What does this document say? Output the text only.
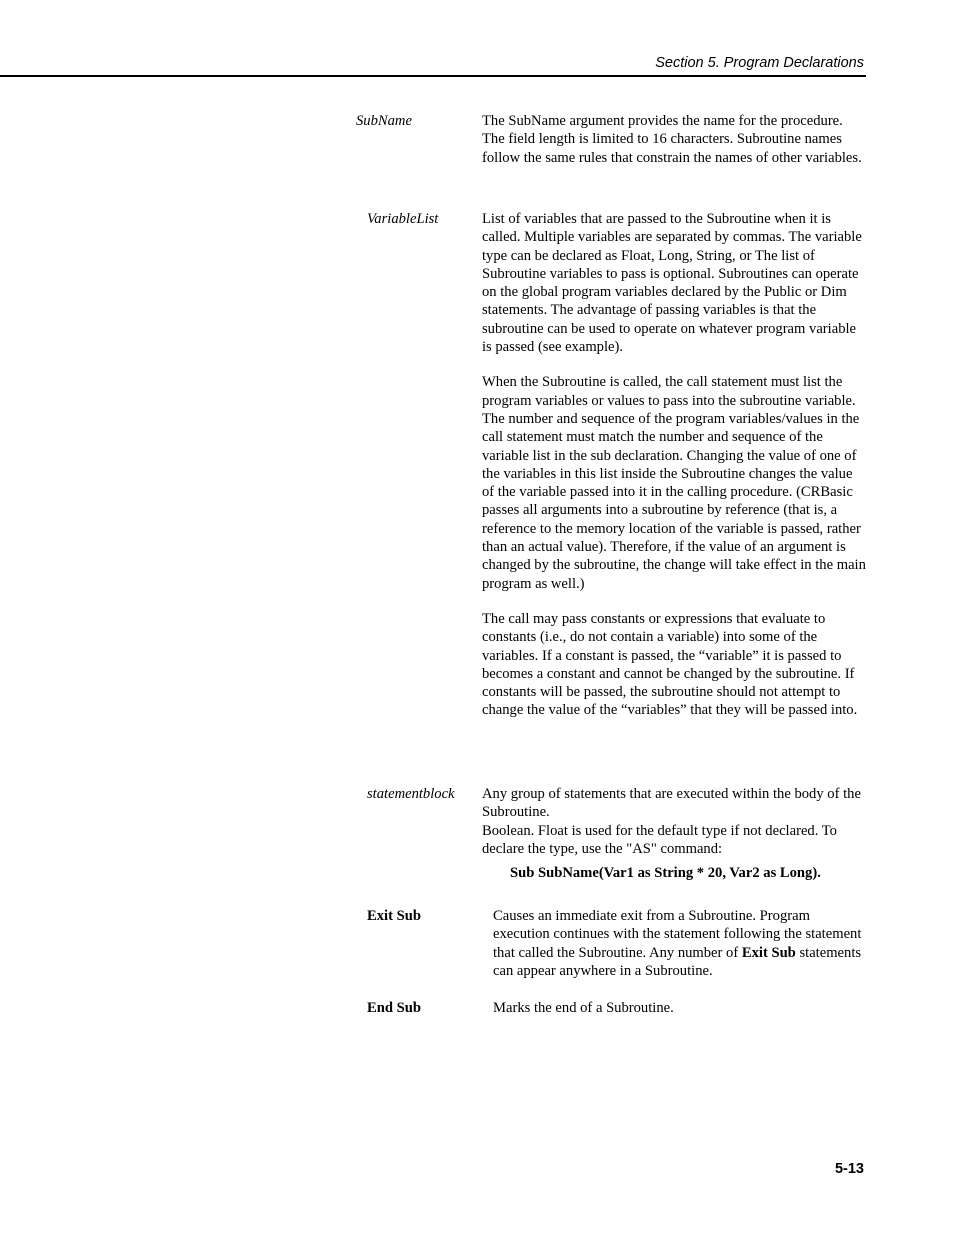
Section 5. Program Declarations
SubName	The SubName argument provides the name for the procedure. The field length is limited to 16 characters. Subroutine names follow the same rules that constrain the names of other variables.

VariableList	List of variables that are passed to the Subroutine when it is called. Multiple variables are separated by commas. The variable type can be declared as Float, Long, String, or The list of Subroutine variables to pass is optional. Subroutines can operate on the global program variables declared by the Public or Dim statements. The advantage of passing variables is that the subroutine can be used to operate on whatever program variable is passed (see example).

When the Subroutine is called, the call statement must list the program variables or values to pass into the subroutine variable. The number and sequence of the program variables/values in the call statement must match the number and sequence of the variable list in the sub declaration. Changing the value of one of the variables in this list inside the Subroutine changes the value of the variable passed into it in the calling procedure. (CRBasic passes all arguments into a subroutine by reference (that is, a reference to the memory location of the variable is passed, rather than an actual value). Therefore, if the value of an argument is changed by the subroutine, the change will take effect in the main program as well.)

The call may pass constants or expressions that evaluate to constants (i.e., do not contain a variable) into some of the variables. If a constant is passed, the “variable” it is passed to becomes a constant and cannot be changed by the subroutine. If constants will be passed, the subroutine should not attempt to change the value of the “variables” that they will be passed into.

statementblock Any group of statements that are executed within the body of the Subroutine.

Boolean. Float is used for the default type if not declared. To declare the type, use the "AS" command:

Sub SubName(Var1 as String * 20, Var2 as Long).
Exit Sub	Causes an immediate exit from a Subroutine. Program execution continues with the statement following the statement that called the Subroutine. Any number of Exit Sub statements can appear anywhere in a Subroutine.

End Sub	Marks the end of a Subroutine.

5-13
